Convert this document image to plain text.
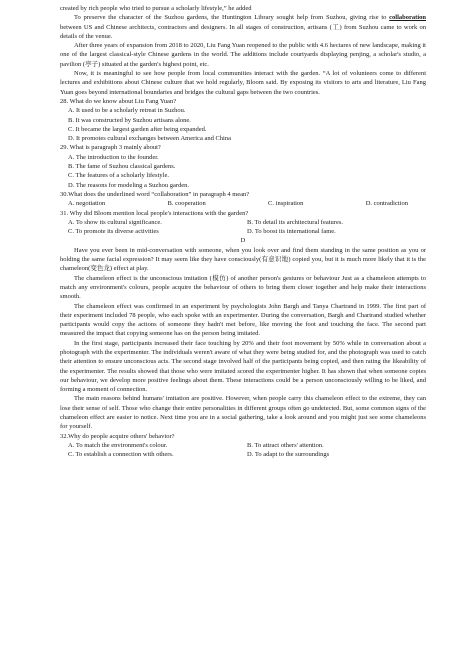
created by rich people who tried to pursue a scholarly lifestyle,” he added

To preserve the character of the Suzhou gardens, the Huntington Library sought help from Suzhou, giving rise to collaboration between US and Chinese architects, contractors and designers. In all stages of construction, artisans (工) from Suzhou came to work on details of the venue.

After three years of expansion from 2018 to 2020, Liu Fang Yuan reopened to the public with 4.6 hectares of new landscape, making it one of the largest classical-style Chinese gardens in the world. The additions include courtyards displaying penjing, a scholar's studio, a pavilion (亭子) situated at the garden's highest point, etc.

Now, it is meaningful to see how people from local communities interact with the garden. “A lot of volunteers come to different lectures and exhibitions about Chinese culture that we hold regularly, Bloom said. By exposing its visitors to arts and literature, Liu Fang Yuan goes beyond international boundaries and bridges the cultural gaps between the two countries.

28. What do we know about Liu Fang Yuan?

A. It used to be a scholarly retreat in Suzhou.

B. It was constructed by Suzhou artisans alone.

C. It became the largest garden after being expanded.

D. It promotes cultural exchanges between America and China

29. What is paragraph 3 mainly about?

A. The introduction to the founder.

B. The fame of Suzhou classical gardens.

C. The features of a scholarly lifestyle.

D. The reasons for modeling a Suzhou garden.

30.What does the underlined word “collaboration” in paragraph 4 mean?

A. negotiation	B. cooperation	C. inspiration	D. contradiction

31. Why did Bloom mention local people's interactions with the garden?

A. To show its cultural significance.	B. To detail its architectural features.
C. To promote its diverse activities	D. To boost its international fame.

D

Have you ever been in mid-conversation with someone, when you look over and find them standing in the same position as you or holding the same facial expression? It may seem like they have consciously(有意识地) copied you, but it is much more likely that it is the chameleon(变色龙) effect at play.

The chameleon effect is the unconscious imitation (模仿) of another person's gestures or behaviour Just as a chameleon attempts to match any environment's colours, people acquire the behaviour of others to bring them closer together and help make their interactions smooth.

The chameleon effect was confirmed in an experiment by psychologists John Bargh and Tanya Chartrand in 1999. The first part of their experiment included 78 people, who each spoke with an experimenter. During the conversation, Bargh and Chartrand studied whether participants would copy the actions of someone they hadn't met before, like moving the foot and touching the face. The second part measured the impact that copying someone has on the person being imitated.

In the first stage, participants increased their face touching by 20% and their foot movement by 50% while in conversation about a photograph with the experimenter. The individuals weren't aware of what they were being studied for, and the photograph was used to catch their attention to ensure unconscious acts. The second stage involved half of the participants being copied, and then rating the likeability of the experimenter. The results showed that those who were imitated scored the experimenter higher. It has shown that when someone copies our behaviour, we develop more positive feelings about them. These interactions could be a person unconsciously willing to be liked, and forming a moment of connection.

The main reasons behind humans' imitation are positive. However, when people carry this chameleon effect to the extreme, they can lose their sense of self. Those who change their entire personalities in different groups often go undetected. But, some common signs of the chameleon effect are easier to notice. Next time you are in a social gathering, take a look around and you might just see some chameleons for yourself.

32.Why do people acquire others' behavior?

A. To match the environment's colour.	B. To attract others' attention.
C. To establish a connection with others.	D. To adapt to the surroundings
